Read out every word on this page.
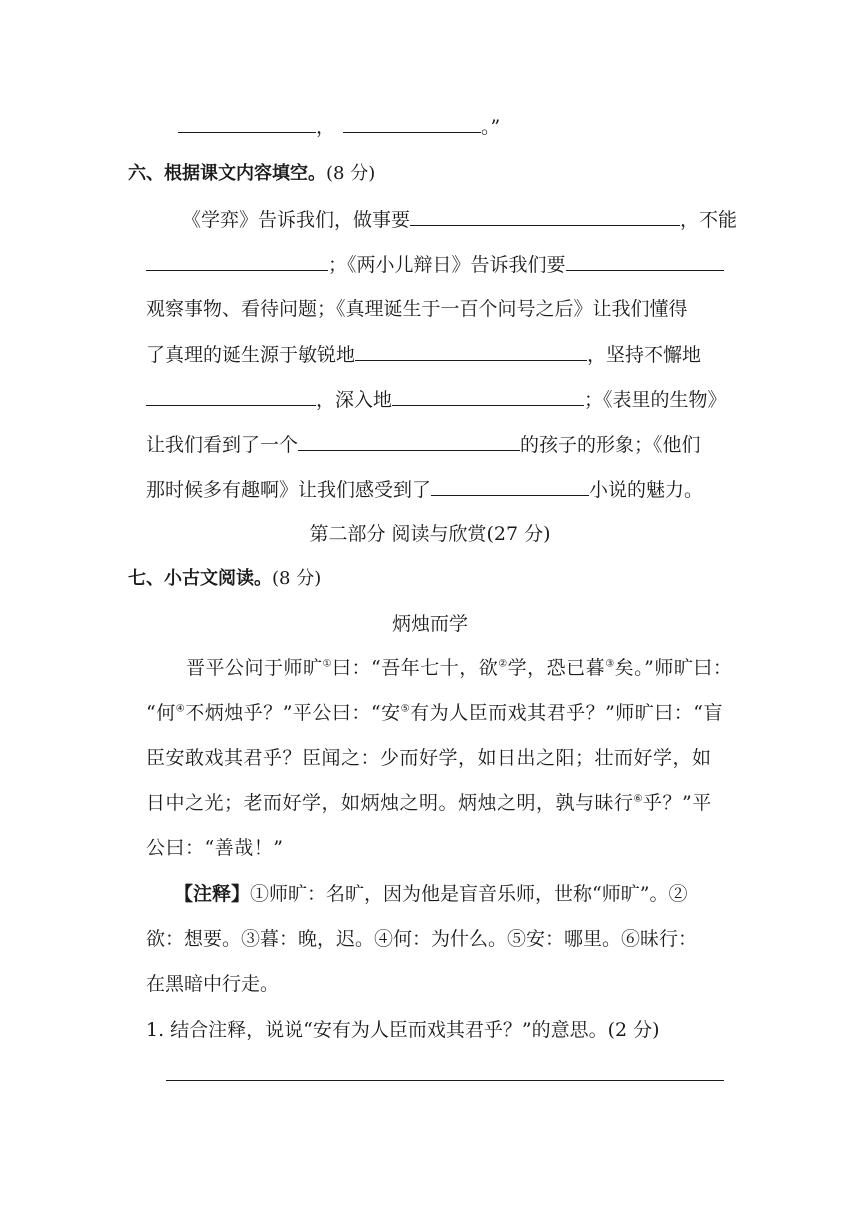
，	。”
六、根据课文内容填空。(8 分)
《学弈》告诉我们，做事要	，不能
；《两小儿辩日》告诉我们要
观察事物、看待问题；《真理诞生于一百个问号之后》让我们懂得
了真理的诞生源于敏锐地	，坚持不懈地
，深入地	；《表里的生物》
让我们看到了一个	的孩子的形象；《他们
那时候多有趣啊》让我们感受到了	小说的魅力。
第二部分 阅读与欣赏(27 分)
七、小古文阅读。(8 分)
炳烛而学
晋平公问于师旷①曰：“吾年七十，欲②学，恐已暮③矣。”师旷曰：
“何④不炳烛乎？”平公曰：“安⑤有为人臣而戏其君乎？”师旷曰：“盲
臣安敢戏其君乎？臣闻之：少而好学，如日出之阳；壮而好学，如
日中之光；老而好学，如炳烛之明。炳烛之明，孰与昧行⑥乎？”平
公曰：“善哉！”
【注释】①师旷：名旷，因为他是盲音乐师，世称“师旷”。②
欲：想要。③暮：晚，迟。④何：为什么。⑤安：哪里。⑥昧行：
在黑暗中行走。
1. 结合注释，说说“安有为人臣而戏其君乎？”的意思。(2 分)
